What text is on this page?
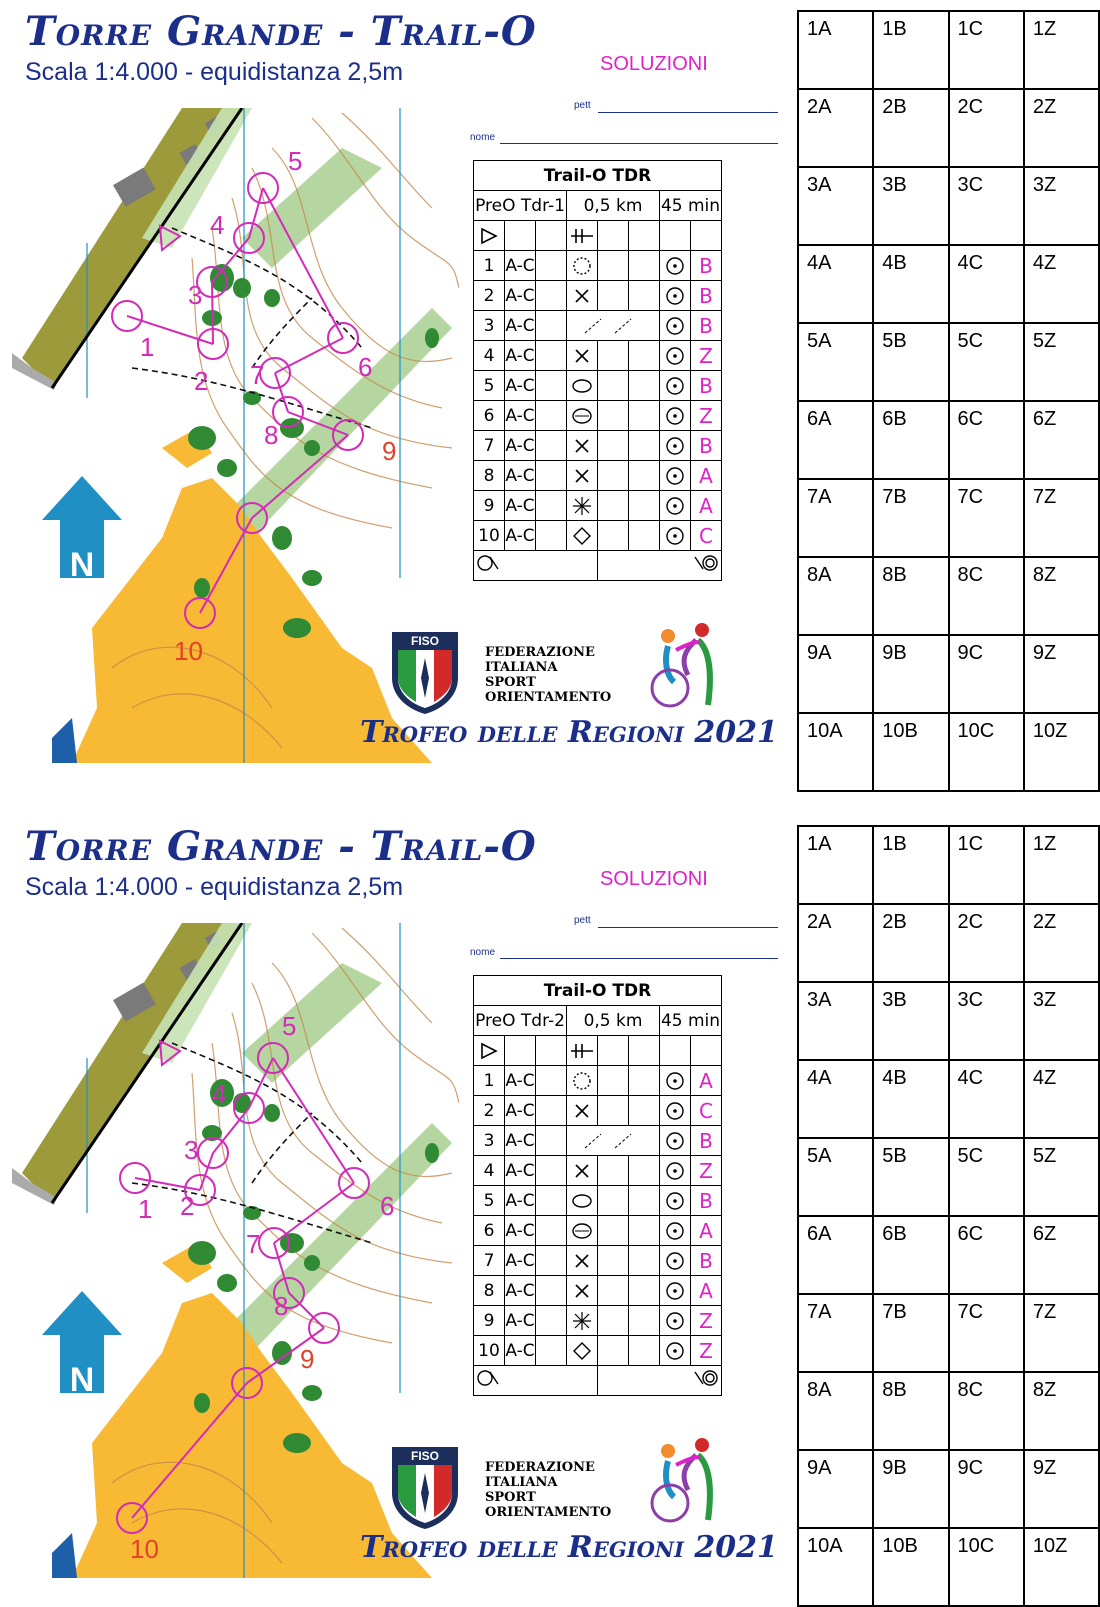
Torre Grande - Trail-O
Scala 1:4.000 - equidistanza 2,5m	SOLUZIONI
pett
nome
N
1
2
3
4
5
6
7
8
9
10
Trail-O TDR							
PreO Tdr-1			0,5 km			45 min	

1	A-C						B
2	A-C						B
3	A-C						B
4	A-C						Z
5	A-C						B
6	A-C						Z
7	A-C						B
8	A-C						A
9	A-C						A
10	A-C						C

FISO
FEDERAZIONE
ITALIANA
SPORT
ORIENTAMENTO
Trofeo delle Regioni 2021
1A	1B	1C	1Z
2A	2B	2C	2Z
3A	3B	3C	3Z
4A	4B	4C	4Z
5A	5B	5C	5Z
6A	6B	6C	6Z
7A	7B	7C	7Z
8A	8B	8C	8Z
9A	9B	9C	9Z
10A	10B	10C	10Z
Torre Grande - Trail-O
Scala 1:4.000 - equidistanza 2,5m	SOLUZIONI
pett
nome
N
1 2
3
4
5
6
7
8
9
10
Trail-O TDR							
PreO Tdr-2			0,5 km			45 min	

1	A-C						A
2	A-C						C
3	A-C						B
4	A-C						Z
5	A-C						B
6	A-C						A
7	A-C						B
8	A-C						A
9	A-C						Z
10	A-C						Z

FISO
FEDERAZIONE
ITALIANA
SPORT
ORIENTAMENTO
Trofeo delle Regioni 2021
1A	1B	1C	1Z
2A	2B	2C	2Z
3A	3B	3C	3Z
4A	4B	4C	4Z
5A	5B	5C	5Z
6A	6B	6C	6Z
7A	7B	7C	7Z
8A	8B	8C	8Z
9A	9B	9C	9Z
10A	10B	10C	10Z
